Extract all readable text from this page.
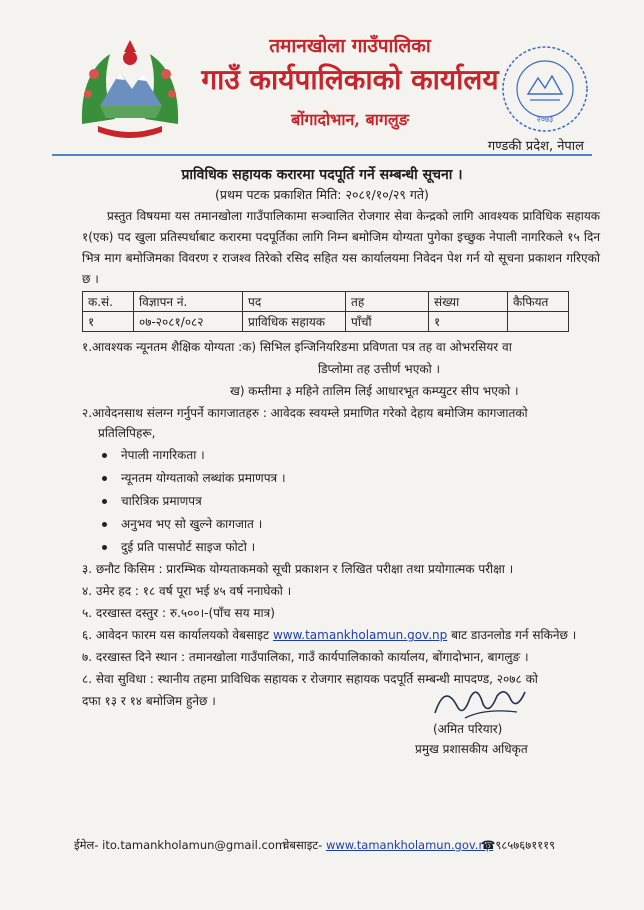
तमानखोला गाउँपालिका
गाउँ कार्यपालिकाको कार्यालय
बोंगादोभान, बागलुङ	२०७३
गण्डकी प्रदेश, नेपाल
प्राविधिक सहायक करारमा पदपूर्ति गर्ने सम्बन्धी सूचना ।
(प्रथम पटक प्रकाशित मिति: २०८१/१०/२९ गते)
प्रस्तुत विषयमा यस तमानखोला गाउँपालिकामा सञ्चालित रोजगार सेवा केन्द्रको लागि आवश्यक प्राविधिक सहायक १(एक) पद खुला प्रतिस्पर्धाबाट करारमा पदपूर्तिका लागि निम्न बमोजिम योग्यता पुगेका इच्छुक नेपाली नागरिकले १५ दिन भित्र माग बमोजिमका विवरण र राजश्व तिरेको रसिद सहित यस कार्यालयमा निवेदन पेश गर्न यो सूचना प्रकाशन गरिएको छ ।
क.सं.	विज्ञापन नं.	पद	तह	संख्या	कैफियत
१	०७-२०८१/०८२	प्राविधिक सहायक	पाँचौं	१	
१.आवश्यक न्यूनतम शैक्षिक योग्यता :क) सिभिल इन्जिनियरिङमा प्रविणता पत्र तह वा ओभरसियर वा
डिप्लोमा तह उत्तीर्ण भएको ।
ख) कम्तीमा ३ महिने तालिम लिई आधारभूत कम्प्युटर सीप भएको ।
२.आवेदनसाथ संलग्न गर्नुपर्ने कागजातहरु : आवेदक स्वयम्ले प्रमाणित गरेको देहाय बमोजिम कागजातको
प्रतिलिपिहरू,
नेपाली नागरिकता ।
न्यूनतम योग्यताको लब्धांक प्रमाणपत्र ।
चारित्रिक प्रमाणपत्र
अनुभव भए सो खुल्ने कागजात ।
दुई प्रति पासपोर्ट साइज फोटो ।
३. छनौट किसिम : प्रारम्भिक योग्यताकमको सूची प्रकाशन र लिखित परीक्षा तथा प्रयोगात्मक परीक्षा ।
४. उमेर हद : १८ वर्ष पूरा भई ४५ वर्ष ननाघेको ।
५. दरखास्त दस्तुर : रु.५००।-(पाँच सय मात्र)
६. आवेदन फारम यस कार्यालयको वेबसाइट www.tamankholamun.gov.np बाट डाउनलोड गर्न सकिनेछ ।
७. दरखास्त दिने स्थान : तमानखोला गाउँपालिका, गाउँ कार्यपालिकाको कार्यालय, बोंगादोभान, बागलुङ ।
८. सेवा सुविधा : स्थानीय तहमा प्राविधिक सहायक र रोजगार सहायक पदपूर्ति सम्बन्धी मापदण्ड, २०७८ को
दफा १३ र १४ बमोजिम हुनेछ ।
(अमित परियार)
प्रमुख प्रशासकीय अधिकृत
ईमेल- ito.tamankholamun@gmail.com
वेबसाइट- www.tamankholamun.gov.np
☎९८५७६७१११९
